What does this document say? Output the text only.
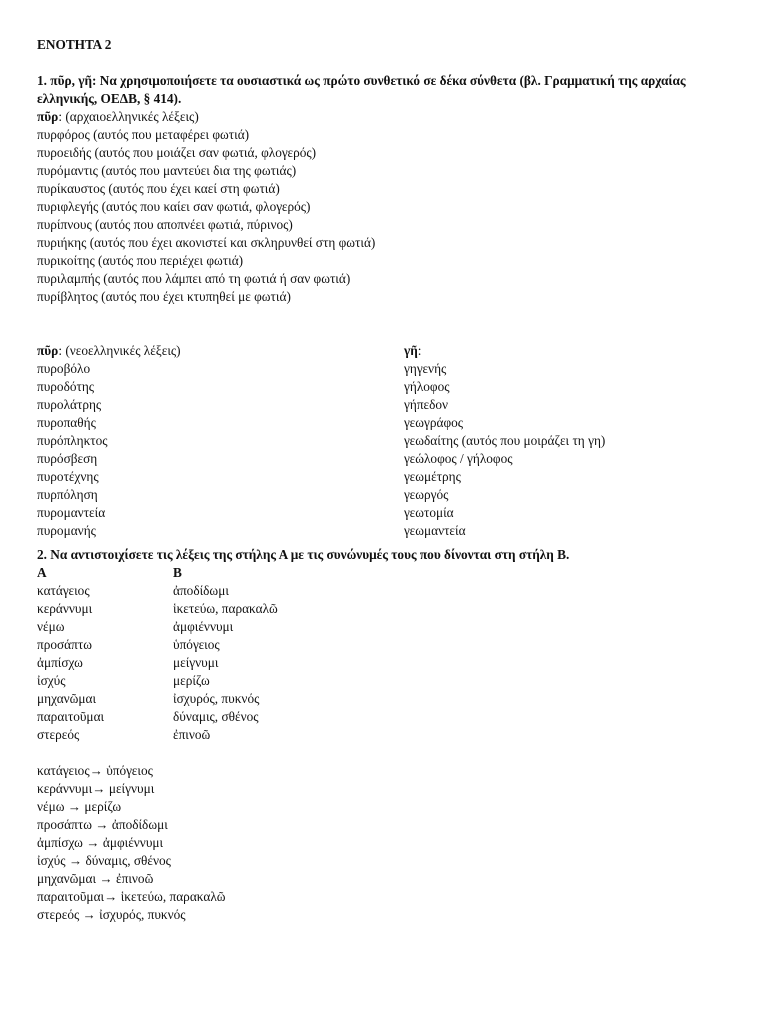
ΕΝΟΤΗΤΑ 2
1. πῦρ, γῆ: Να χρησιμοποιήσετε τα ουσιαστικά ως πρώτο συνθετικό σε δέκα σύνθετα (βλ. Γραμματική της αρχαίας ελληνικής, ΟΕΔΒ, § 414).
πῦρ: (αρχαιοελληνικές λέξεις)
πυρφόρος (αυτός που μεταφέρει φωτιά)
πυροειδής (αυτός που μοιάζει σαν φωτιά, φλογερός)
πυρόμαντις (αυτός που μαντεύει δια της φωτιάς)
πυρίκαυστος (αυτός που έχει καεί στη φωτιά)
πυριφλεγής (αυτός που καίει σαν φωτιά, φλογερός)
πυρίπνους (αυτός που αποπνέει φωτιά, πύρινος)
πυριήκης (αυτός που έχει ακονιστεί και σκληρυνθεί στη φωτιά)
πυρικοίτης (αυτός που περιέχει φωτιά)
πυριλαμπής (αυτός που λάμπει από τη φωτιά ή σαν φωτιά)
πυρίβλητος (αυτός που έχει κτυπηθεί με φωτιά)
πῦρ: (νεοελληνικές λέξεις)	γῆ:
πυροβόλο	γηγενής
πυροδότης	γήλοφος
πυρολάτρης	γήπεδον
πυροπαθής	γεωγράφος
πυρόπληκτος	γεωδαίτης (αυτός που μοιράζει τη γη)
πυρόσβεση	γεώλοφος / γήλοφος
πυροτέχνης	γεωμέτρης
πυρπόληση	γεωργός
πυρομαντεία	γεωτομία
πυρομανής	γεωμαντεία
2. Να αντιστοιχίσετε τις λέξεις της στήλης Α με τις συνώνυμές τους που δίνονται στη στήλη Β.
Α	Β
κατάγειος	ἀποδίδωμι
κεράννυμι	ἱκετεύω, παρακαλῶ
νέμω	ἀμφιέννυμι
προσάπτω	ὑπόγειος
ἀμπίσχω	μείγνυμι
ἰσχύς	μερίζω
μηχανῶμαι	ἰσχυρός, πυκνός
παραιτοῦμαι	δύναμις, σθένος
στερεός	ἐπινοῶ
κατάγειος→ ὑπόγειος
κεράννυμι→ μείγνυμι
νέμω → μερίζω
προσάπτω → ἀποδίδωμι
ἀμπίσχω → ἀμφιέννυμι
ἰσχύς → δύναμις, σθένος
μηχανῶμαι → ἐπινοῶ
παραιτοῦμαι→ ἱκετεύω, παρακαλῶ
στερεός → ἰσχυρός, πυκνός
